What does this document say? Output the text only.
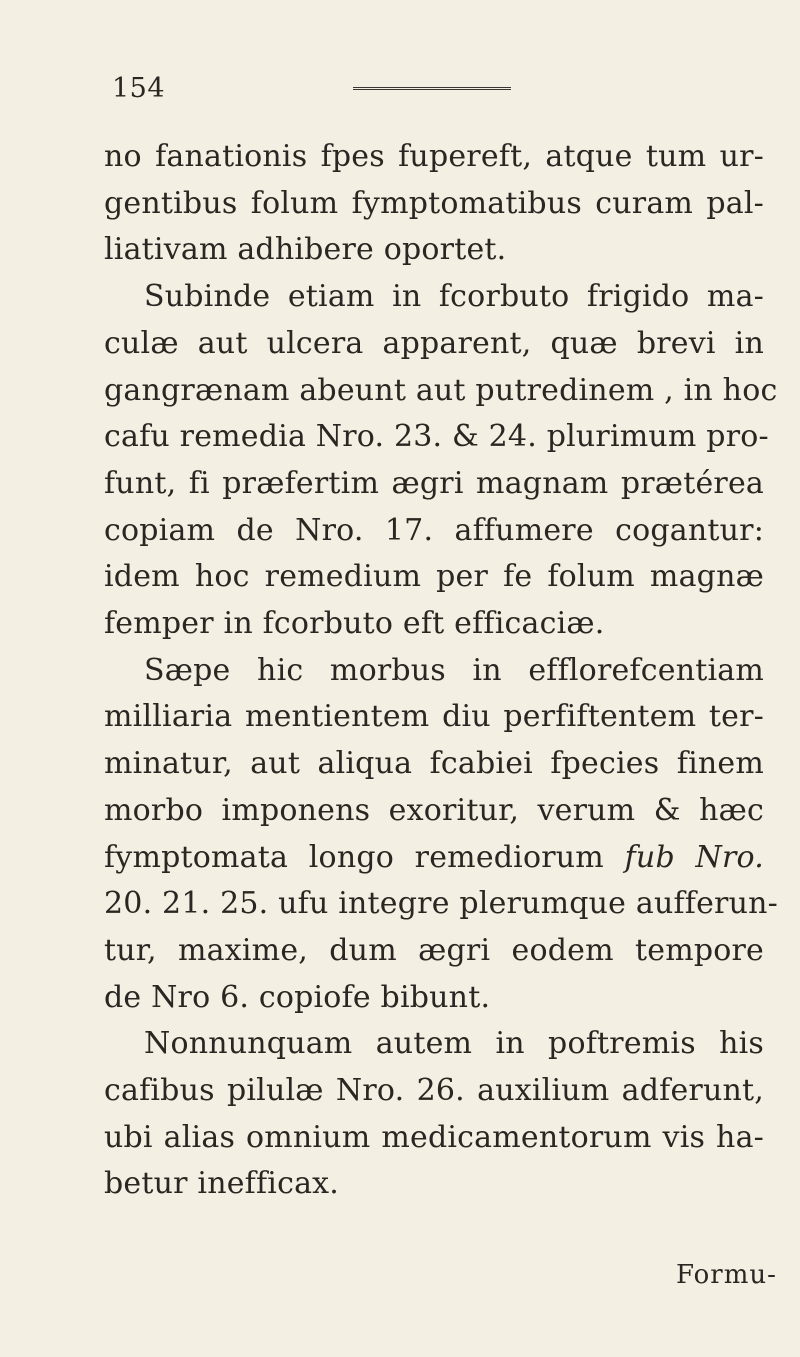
154
no fanationis fpes fupereft, atque tum ur-
gentibus folum fymptomatibus curam pal-
liativam adhibere oportet.
Subinde etiam in fcorbuto frigido ma-
culæ aut ulcera apparent, quæ brevi in
gangrænam abeunt aut putredinem , in hoc
cafu remedia Nro. 23. & 24. plurimum pro-
funt, fi præfertim ægri magnam prætérea
copiam de Nro. 17. affumere cogantur:
idem hoc remedium per fe folum magnæ
femper in fcorbuto eft efficaciæ.
Sæpe hic morbus in efflorefcentiam
milliaria mentientem diu perfiftentem ter-
minatur, aut aliqua fcabiei fpecies finem
morbo imponens exoritur, verum & hæc
fymptomata longo remediorum fub Nro.
20. 21. 25. ufu integre plerumque aufferun-
tur, maxime, dum ægri eodem tempore
de Nro 6. copiofe bibunt.
Nonnunquam autem in poftremis his
cafibus pilulæ Nro. 26. auxilium adferunt,
ubi alias omnium medicamentorum vis ha-
betur inefficax.
Formu-
